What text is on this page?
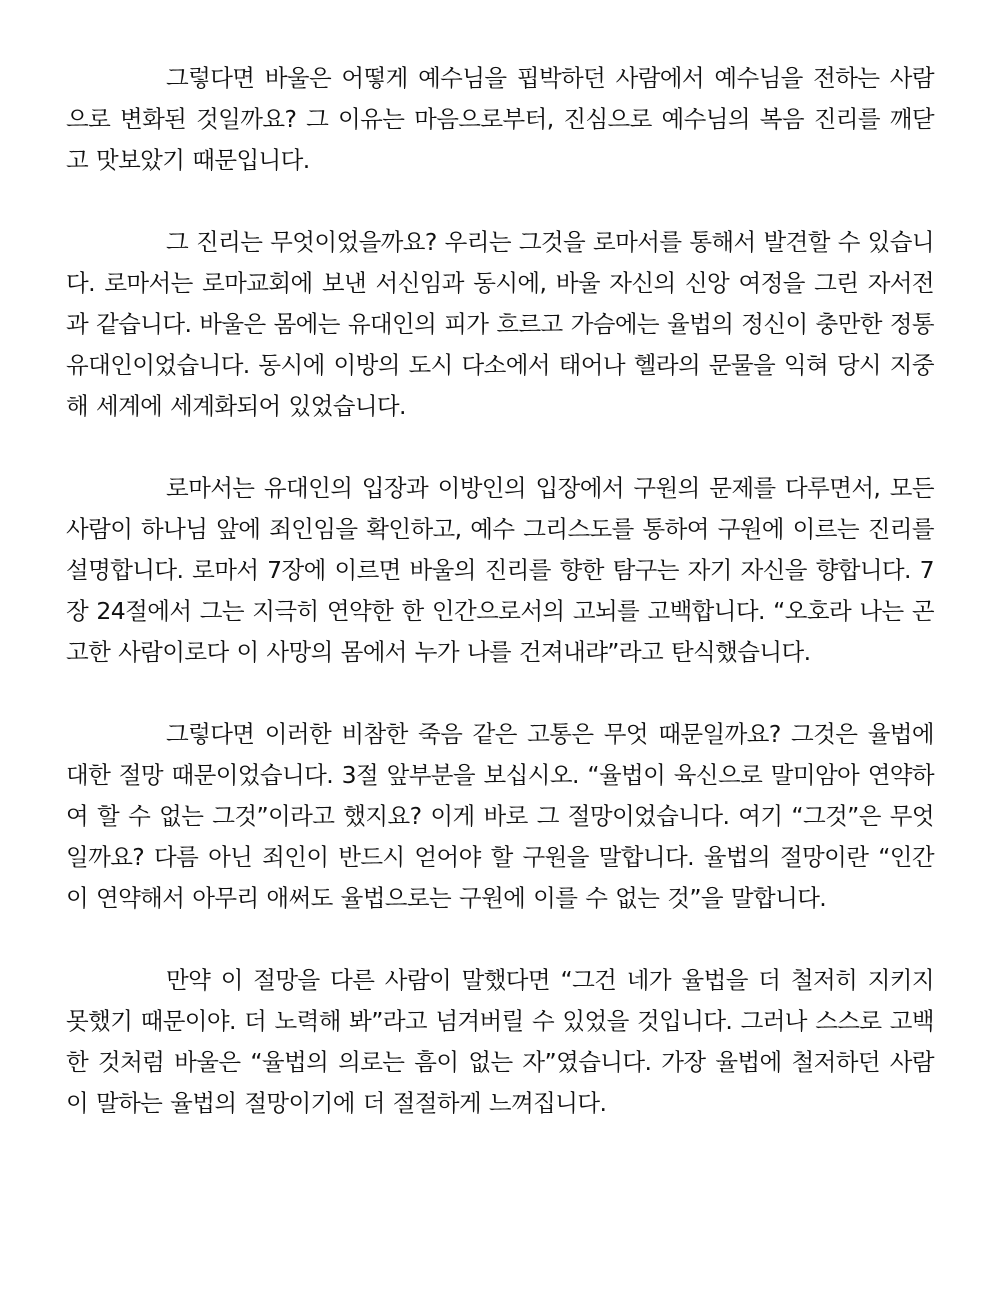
그렇다면 바울은 어떻게 예수님을 핍박하던 사람에서 예수님을 전하는 사람으로 변화된 것일까요? 그 이유는 마음으로부터, 진심으로 예수님의 복음 진리를 깨닫고 맛보았기 때문입니다.

그 진리는 무엇이었을까요? 우리는 그것을 로마서를 통해서 발견할 수 있습니다. 로마서는 로마교회에 보낸 서신임과 동시에, 바울 자신의 신앙 여정을 그린 자서전과 같습니다. 바울은 몸에는 유대인의 피가 흐르고 가슴에는 율법의 정신이 충만한 정통 유대인이었습니다. 동시에 이방의 도시 다소에서 태어나 헬라의 문물을 익혀 당시 지중해 세계에 세계화되어 있었습니다.

로마서는 유대인의 입장과 이방인의 입장에서 구원의 문제를 다루면서, 모든 사람이 하나님 앞에 죄인임을 확인하고, 예수 그리스도를 통하여 구원에 이르는 진리를 설명합니다. 로마서 7장에 이르면 바울의 진리를 향한 탐구는 자기 자신을 향합니다. 7장 24절에서 그는 지극히 연약한 한 인간으로서의 고뇌를 고백합니다. “오호라 나는 곤고한 사람이로다 이 사망의 몸에서 누가 나를 건져내랴”라고 탄식했습니다.

그렇다면 이러한 비참한 죽음 같은 고통은 무엇 때문일까요? 그것은 율법에 대한 절망 때문이었습니다. 3절 앞부분을 보십시오. “율법이 육신으로 말미암아 연약하여 할 수 없는 그것”이라고 했지요? 이게 바로 그 절망이었습니다. 여기 “그것”은 무엇일까요? 다름 아닌 죄인이 반드시 얻어야 할 구원을 말합니다. 율법의 절망이란 “인간이 연약해서 아무리 애써도 율법으로는 구원에 이를 수 없는 것”을 말합니다.

만약 이 절망을 다른 사람이 말했다면 “그건 네가 율법을 더 철저히 지키지 못했기 때문이야. 더 노력해 봐”라고 넘겨버릴 수 있었을 것입니다. 그러나 스스로 고백한 것처럼 바울은 “율법의 의로는 흠이 없는 자”였습니다. 가장 율법에 철저하던 사람이 말하는 율법의 절망이기에 더 절절하게 느껴집니다.
